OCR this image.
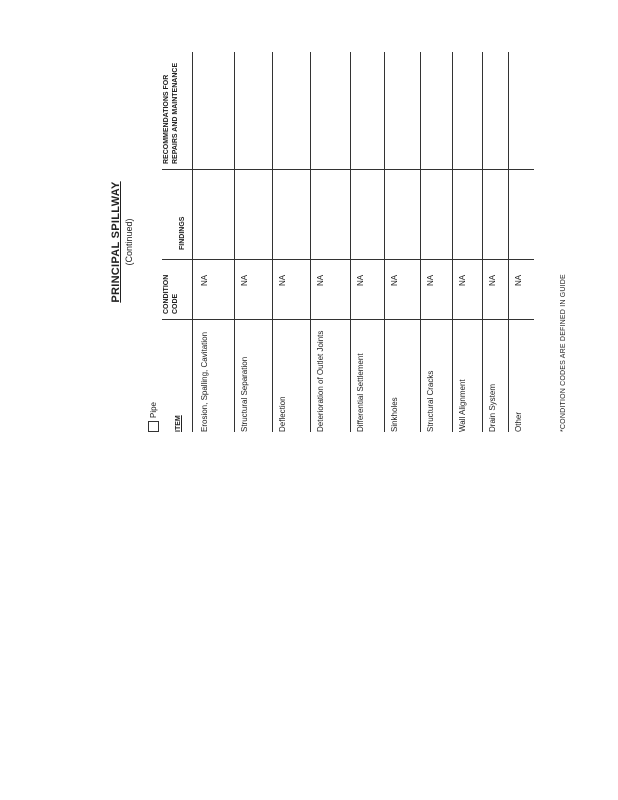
PRINCIPAL SPILLWAY (Continued)
Pipe
ITEM
CONDITION CODE
FINDINGS
RECOMMENDATIONS FOR REPAIRS AND MAINTENANCE
Erosion, Spalling, Cavitation
NA
Structural Separation
NA
Deflection
NA
Deterioration of Outlet Joints
NA
Differential Settlement
NA
Sinkholes
NA
Structural Cracks
NA
Wall Alignment
NA
Drain System
NA
Other
NA	*CONDITION CODES ARE DEFINED IN GUIDE
